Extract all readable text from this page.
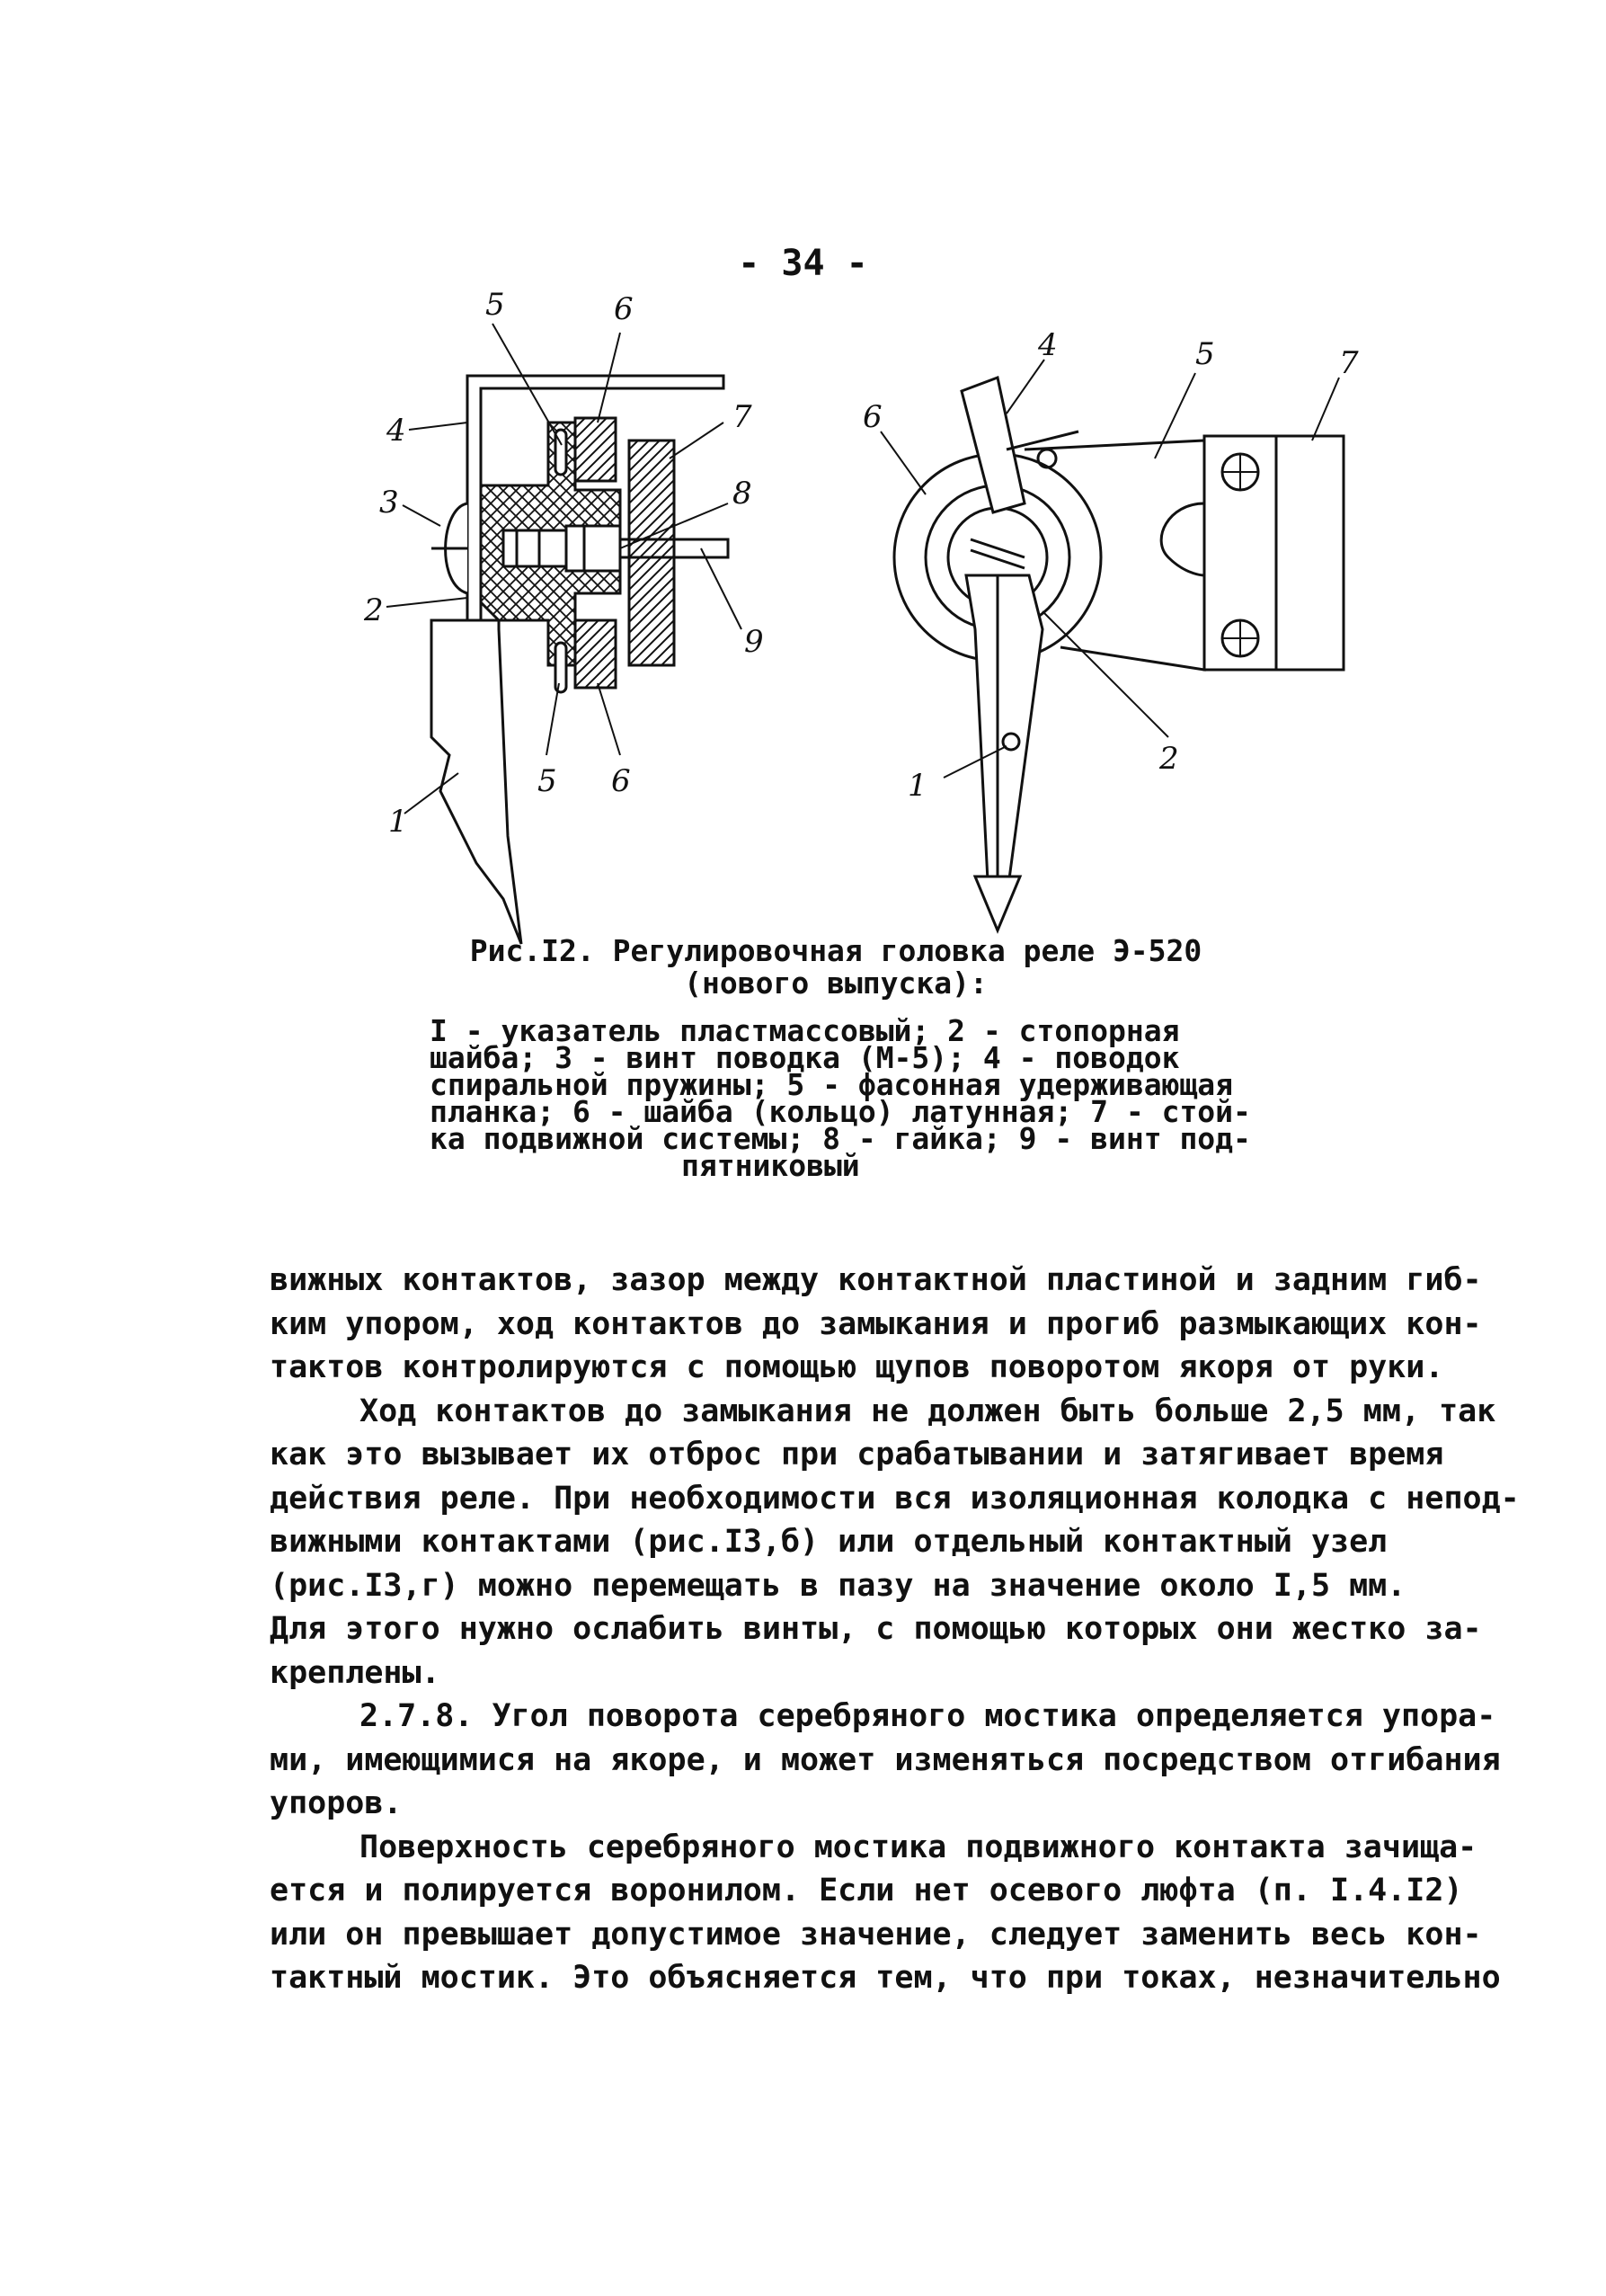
- 34 -
5	6
7
4
3	8
2
9
5 6
1
4	5	7
6
1
2
Рис.I2. Регулировочная головка реле Э-520
(нового выпуска):
I - указатель пластмассовый; 2 - стопорная
шайба; 3 - винт поводка (М-5); 4 - поводок
спиральной пружины; 5 - фасонная удерживающая
планка; 6 - шайба (кольцо) латунная; 7 - стой-
ка подвижной системы; 8 - гайка; 9 - винт под-
пятниковый
вижных контактов, зазор между контактной пластиной и задним гиб-
ким упором, ход контактов до замыкания и прогиб размыкающих кон-
тактов контролируются с помощью щупов поворотом якоря от руки.
Ход контактов до замыкания не должен быть больше 2,5 мм, так
как это вызывает их отброс при срабатывании и затягивает время
действия реле. При необходимости вся изоляционная колодка с непод-
вижными контактами (рис.I3,б) или отдельный контактный узел
(рис.I3,г) можно перемещать в пазу на значение около I,5 мм.
Для этого нужно ослабить винты, с помощью которых они жестко за-
креплены.
2.7.8. Угол поворота серебряного мостика определяется упора-
ми, имеющимися на якоре, и может изменяться посредством отгибания
упоров.
Поверхность серебряного мостика подвижного контакта зачища-
ется и полируется воронилом. Если нет осевого люфта (п. I.4.I2)
или он превышает допустимое значение, следует заменить весь кон-
тактный мостик. Это объясняется тем, что при токах, незначительно
